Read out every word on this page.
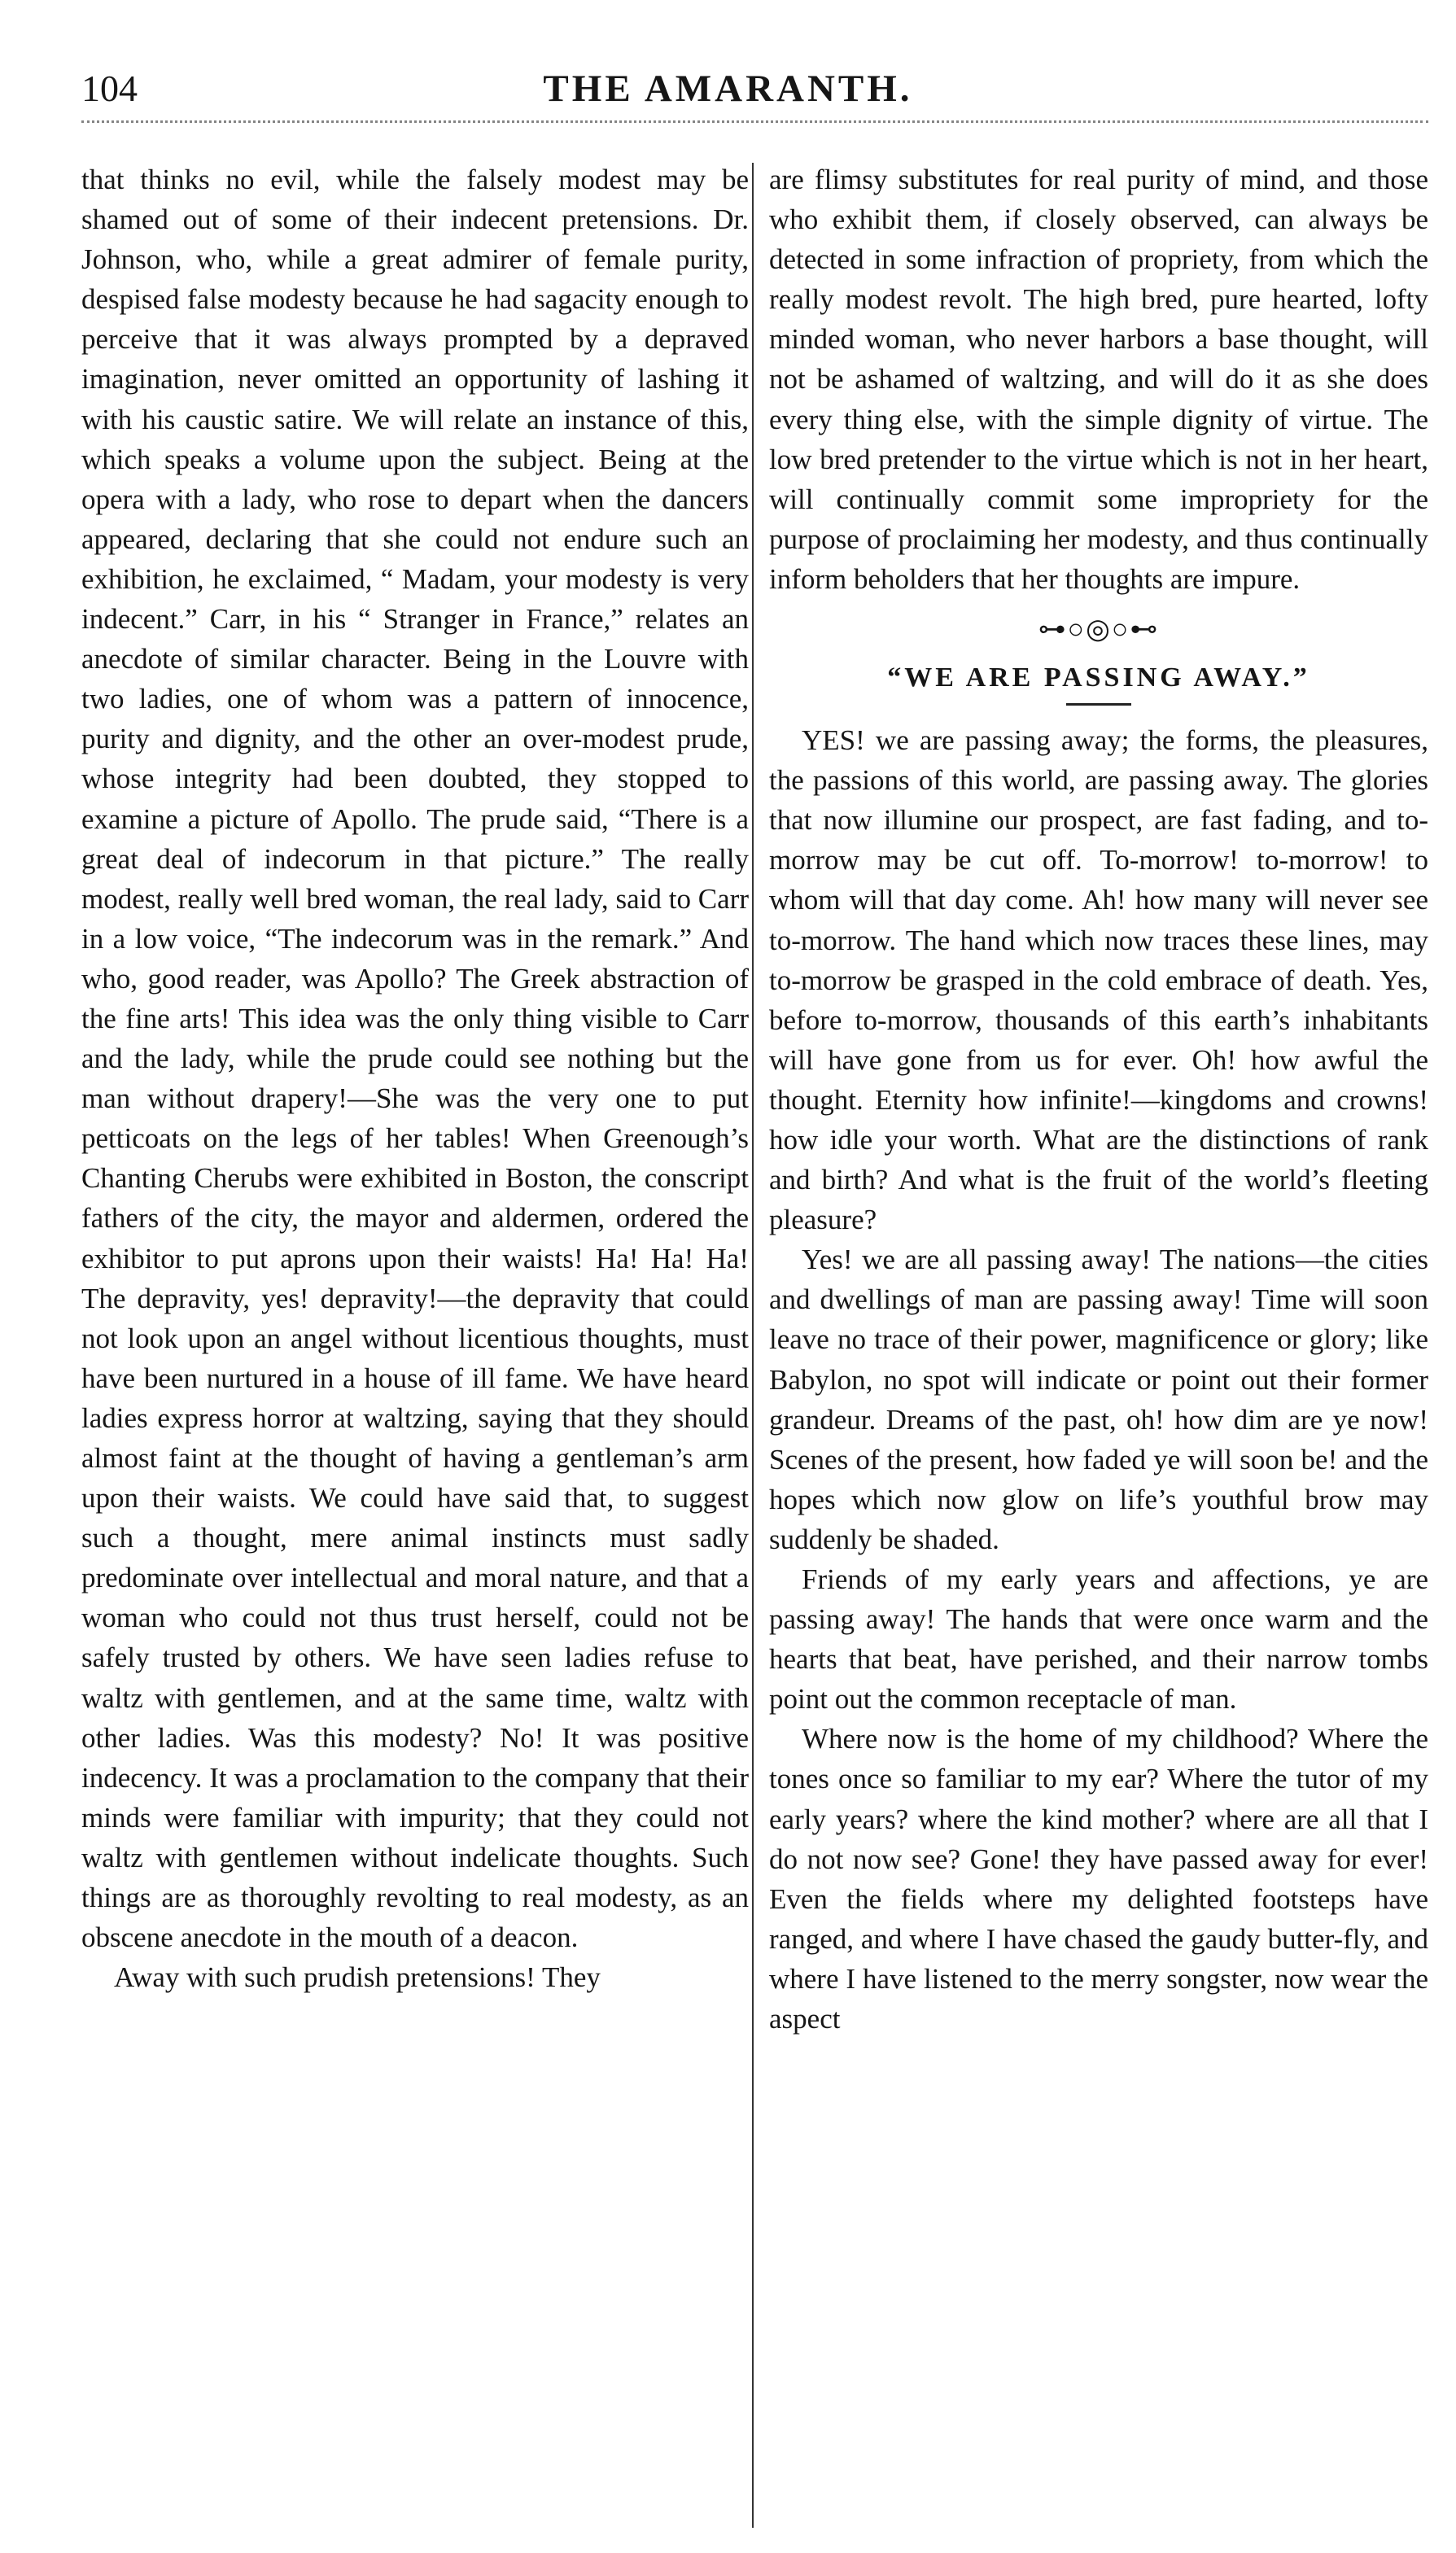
104	THE AMARANTH.

that thinks no evil, while the falsely modest may be shamed out of some of their indecent pretensions. Dr. Johnson, who, while a great admirer of female purity, despised false modesty because he had sagacity enough to perceive that it was always prompted by a depraved imagination, never omitted an opportunity of lashing it with his caustic satire. We will relate an instance of this, which speaks a volume upon the subject. Being at the opera with a lady, who rose to depart when the dancers appeared, declaring that she could not endure such an exhibition, he exclaimed, “ Madam, your modesty is very indecent.” Carr, in his “ Stranger in France,” relates an anecdote of similar character. Being in the Louvre with two ladies, one of whom was a pattern of innocence, purity and dignity, and the other an over-modest prude, whose integrity had been doubted, they stopped to examine a picture of Apollo. The prude said, “There is a great deal of indecorum in that picture.” The really modest, really well bred woman, the real lady, said to Carr in a low voice, “The indecorum was in the remark.” And who, good reader, was Apollo? The Greek abstraction of the fine arts! This idea was the only thing visible to Carr and the lady, while the prude could see nothing but the man without drapery!—She was the very one to put petticoats on the legs of her tables! When Greenough’s Chanting Cherubs were exhibited in Boston, the conscript fathers of the city, the mayor and aldermen, ordered the exhibitor to put aprons upon their waists! Ha! Ha! Ha! The depravity, yes! depravity!—the depravity that could not look upon an angel without licentious thoughts, must have been nurtured in a house of ill fame. We have heard ladies express horror at waltzing, saying that they should almost faint at the thought of having a gentleman’s arm upon their waists. We could have said that, to suggest such a thought, mere animal instincts must sadly predominate over intellectual and moral nature, and that a woman who could not thus trust herself, could not be safely trusted by others. We have seen ladies refuse to waltz with gentlemen, and at the same time, waltz with other ladies. Was this modesty? No! It was positive indecency. It was a proclamation to the company that their minds were familiar with impurity; that they could not waltz with gentlemen without indelicate thoughts. Such things are as thoroughly revolting to real modesty, as an obscene anecdote in the mouth of a deacon.

Away with such prudish pretensions! They

are flimsy substitutes for real purity of mind, and those who exhibit them, if closely observed, can always be detected in some infraction of propriety, from which the really modest revolt. The high bred, pure hearted, lofty minded woman, who never harbors a base thought, will not be ashamed of waltzing, and will do it as she does every thing else, with the simple dignity of virtue. The low bred pretender to the virtue which is not in her heart, will continually commit some impropriety for the purpose of proclaiming her modesty, and thus continually inform beholders that her thoughts are impure.

⊶○◎○⊷
“WE ARE PASSING AWAY.”

YES! we are passing away; the forms, the pleasures, the passions of this world, are passing away. The glories that now illumine our prospect, are fast fading, and to-morrow may be cut off. To-morrow! to-morrow! to whom will that day come. Ah! how many will never see to-morrow. The hand which now traces these lines, may to-morrow be grasped in the cold embrace of death. Yes, before to-morrow, thousands of this earth’s inhabitants will have gone from us for ever. Oh! how awful the thought. Eternity how infinite!—kingdoms and crowns! how idle your worth. What are the distinctions of rank and birth? And what is the fruit of the world’s fleeting pleasure?

Yes! we are all passing away! The nations—the cities and dwellings of man are passing away! Time will soon leave no trace of their power, magnificence or glory; like Babylon, no spot will indicate or point out their former grandeur. Dreams of the past, oh! how dim are ye now! Scenes of the present, how faded ye will soon be! and the hopes which now glow on life’s youthful brow may suddenly be shaded.

Friends of my early years and affections, ye are passing away! The hands that were once warm and the hearts that beat, have perished, and their narrow tombs point out the common receptacle of man.

Where now is the home of my childhood? Where the tones once so familiar to my ear? Where the tutor of my early years? where the kind mother? where are all that I do not now see? Gone! they have passed away for ever! Even the fields where my delighted footsteps have ranged, and where I have chased the gaudy butter-fly, and where I have listened to the merry songster, now wear the aspect
